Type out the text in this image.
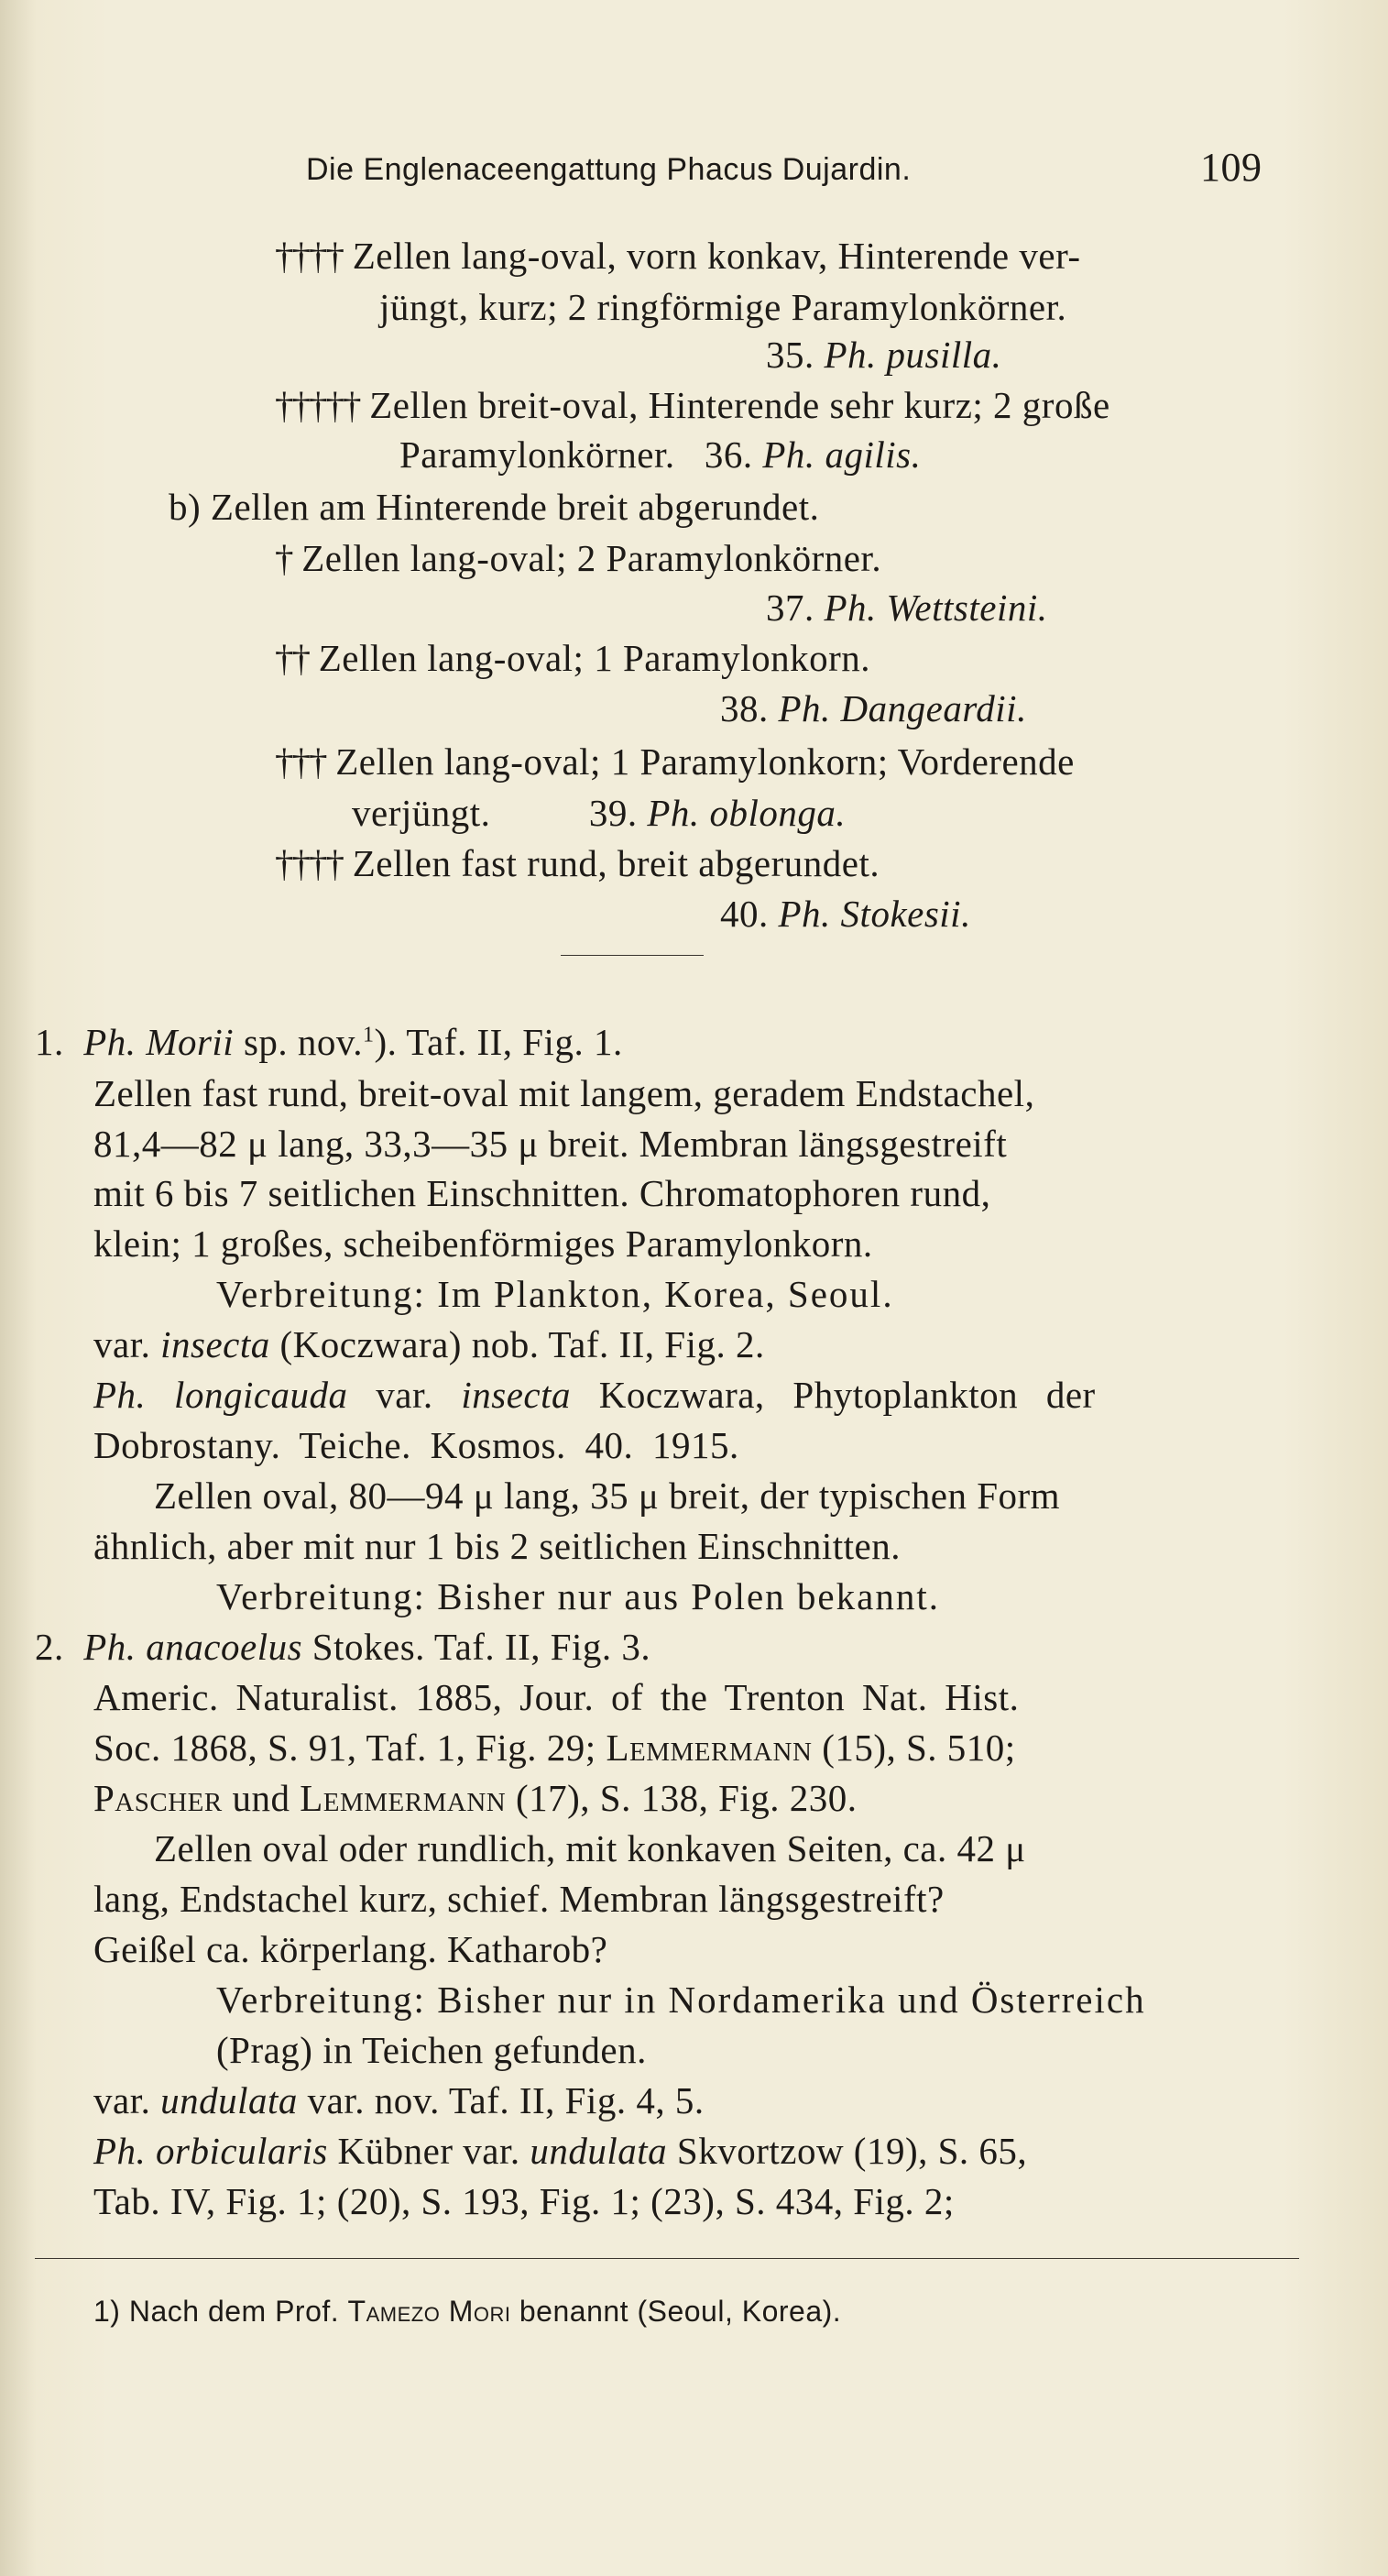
Die Englenaceengattung Phacus Dujardin.	109
†††† Zellen lang-oval, vorn konkav, Hinterende ver-
jüngt, kurz; 2 ringförmige Paramylonkörner.
35. Ph. pusilla.
††††† Zellen breit-oval, Hinterende sehr kurz; 2 große
Paramylonkörner. 36. Ph. agilis.
b) Zellen am Hinterende breit abgerundet.
† Zellen lang-oval; 2 Paramylonkörner.
37. Ph. Wettsteini.
†† Zellen lang-oval; 1 Paramylonkorn.
38. Ph. Dangeardii.
††† Zellen lang-oval; 1 Paramylonkorn; Vorderende
verjüngt.	39. Ph. oblonga.
†††† Zellen fast rund, breit abgerundet.
40. Ph. Stokesii.
1. Ph. Morii sp. nov.$^1$). Taf. II, Fig. 1.
Zellen fast rund, breit-oval mit langem, geradem Endstachel,
81,4—82 μ lang, 33,3—35 μ breit. Membran längsgestreift
mit 6 bis 7 seitlichen Einschnitten. Chromatophoren rund,
klein; 1 großes, scheibenförmiges Paramylonkorn.
Verbreitung: Im Plankton, Korea, Seoul.
var. insecta (Koczwara) nob. Taf. II, Fig. 2.
Ph. longicauda var. insecta Koczwara, Phytoplankton der
Dobrostany. Teiche. Kosmos. 40. 1915.
Zellen oval, 80—94 μ lang, 35 μ breit, der typischen Form
ähnlich, aber mit nur 1 bis 2 seitlichen Einschnitten.
Verbreitung: Bisher nur aus Polen bekannt.
2. Ph. anacoelus Stokes. Taf. II, Fig. 3.
Americ. Naturalist. 1885, Jour. of the Trenton Nat. Hist.
Soc. 1868, S. 91, Taf. 1, Fig. 29; Lemmermann (15), S. 510;
Pascher und Lemmermann (17), S. 138, Fig. 230.
Zellen oval oder rundlich, mit konkaven Seiten, ca. 42 μ
lang, Endstachel kurz, schief. Membran längsgestreift?
Geißel ca. körperlang. Katharob?
Verbreitung: Bisher nur in Nordamerika und Österreich
(Prag) in Teichen gefunden.
var. undulata var. nov. Taf. II, Fig. 4, 5.
Ph. orbicularis Kübner var. undulata Skvortzow (19), S. 65,
Tab. IV, Fig. 1; (20), S. 193, Fig. 1; (23), S. 434, Fig. 2;
1) Nach dem Prof. Tamezo Mori benannt (Seoul, Korea).
